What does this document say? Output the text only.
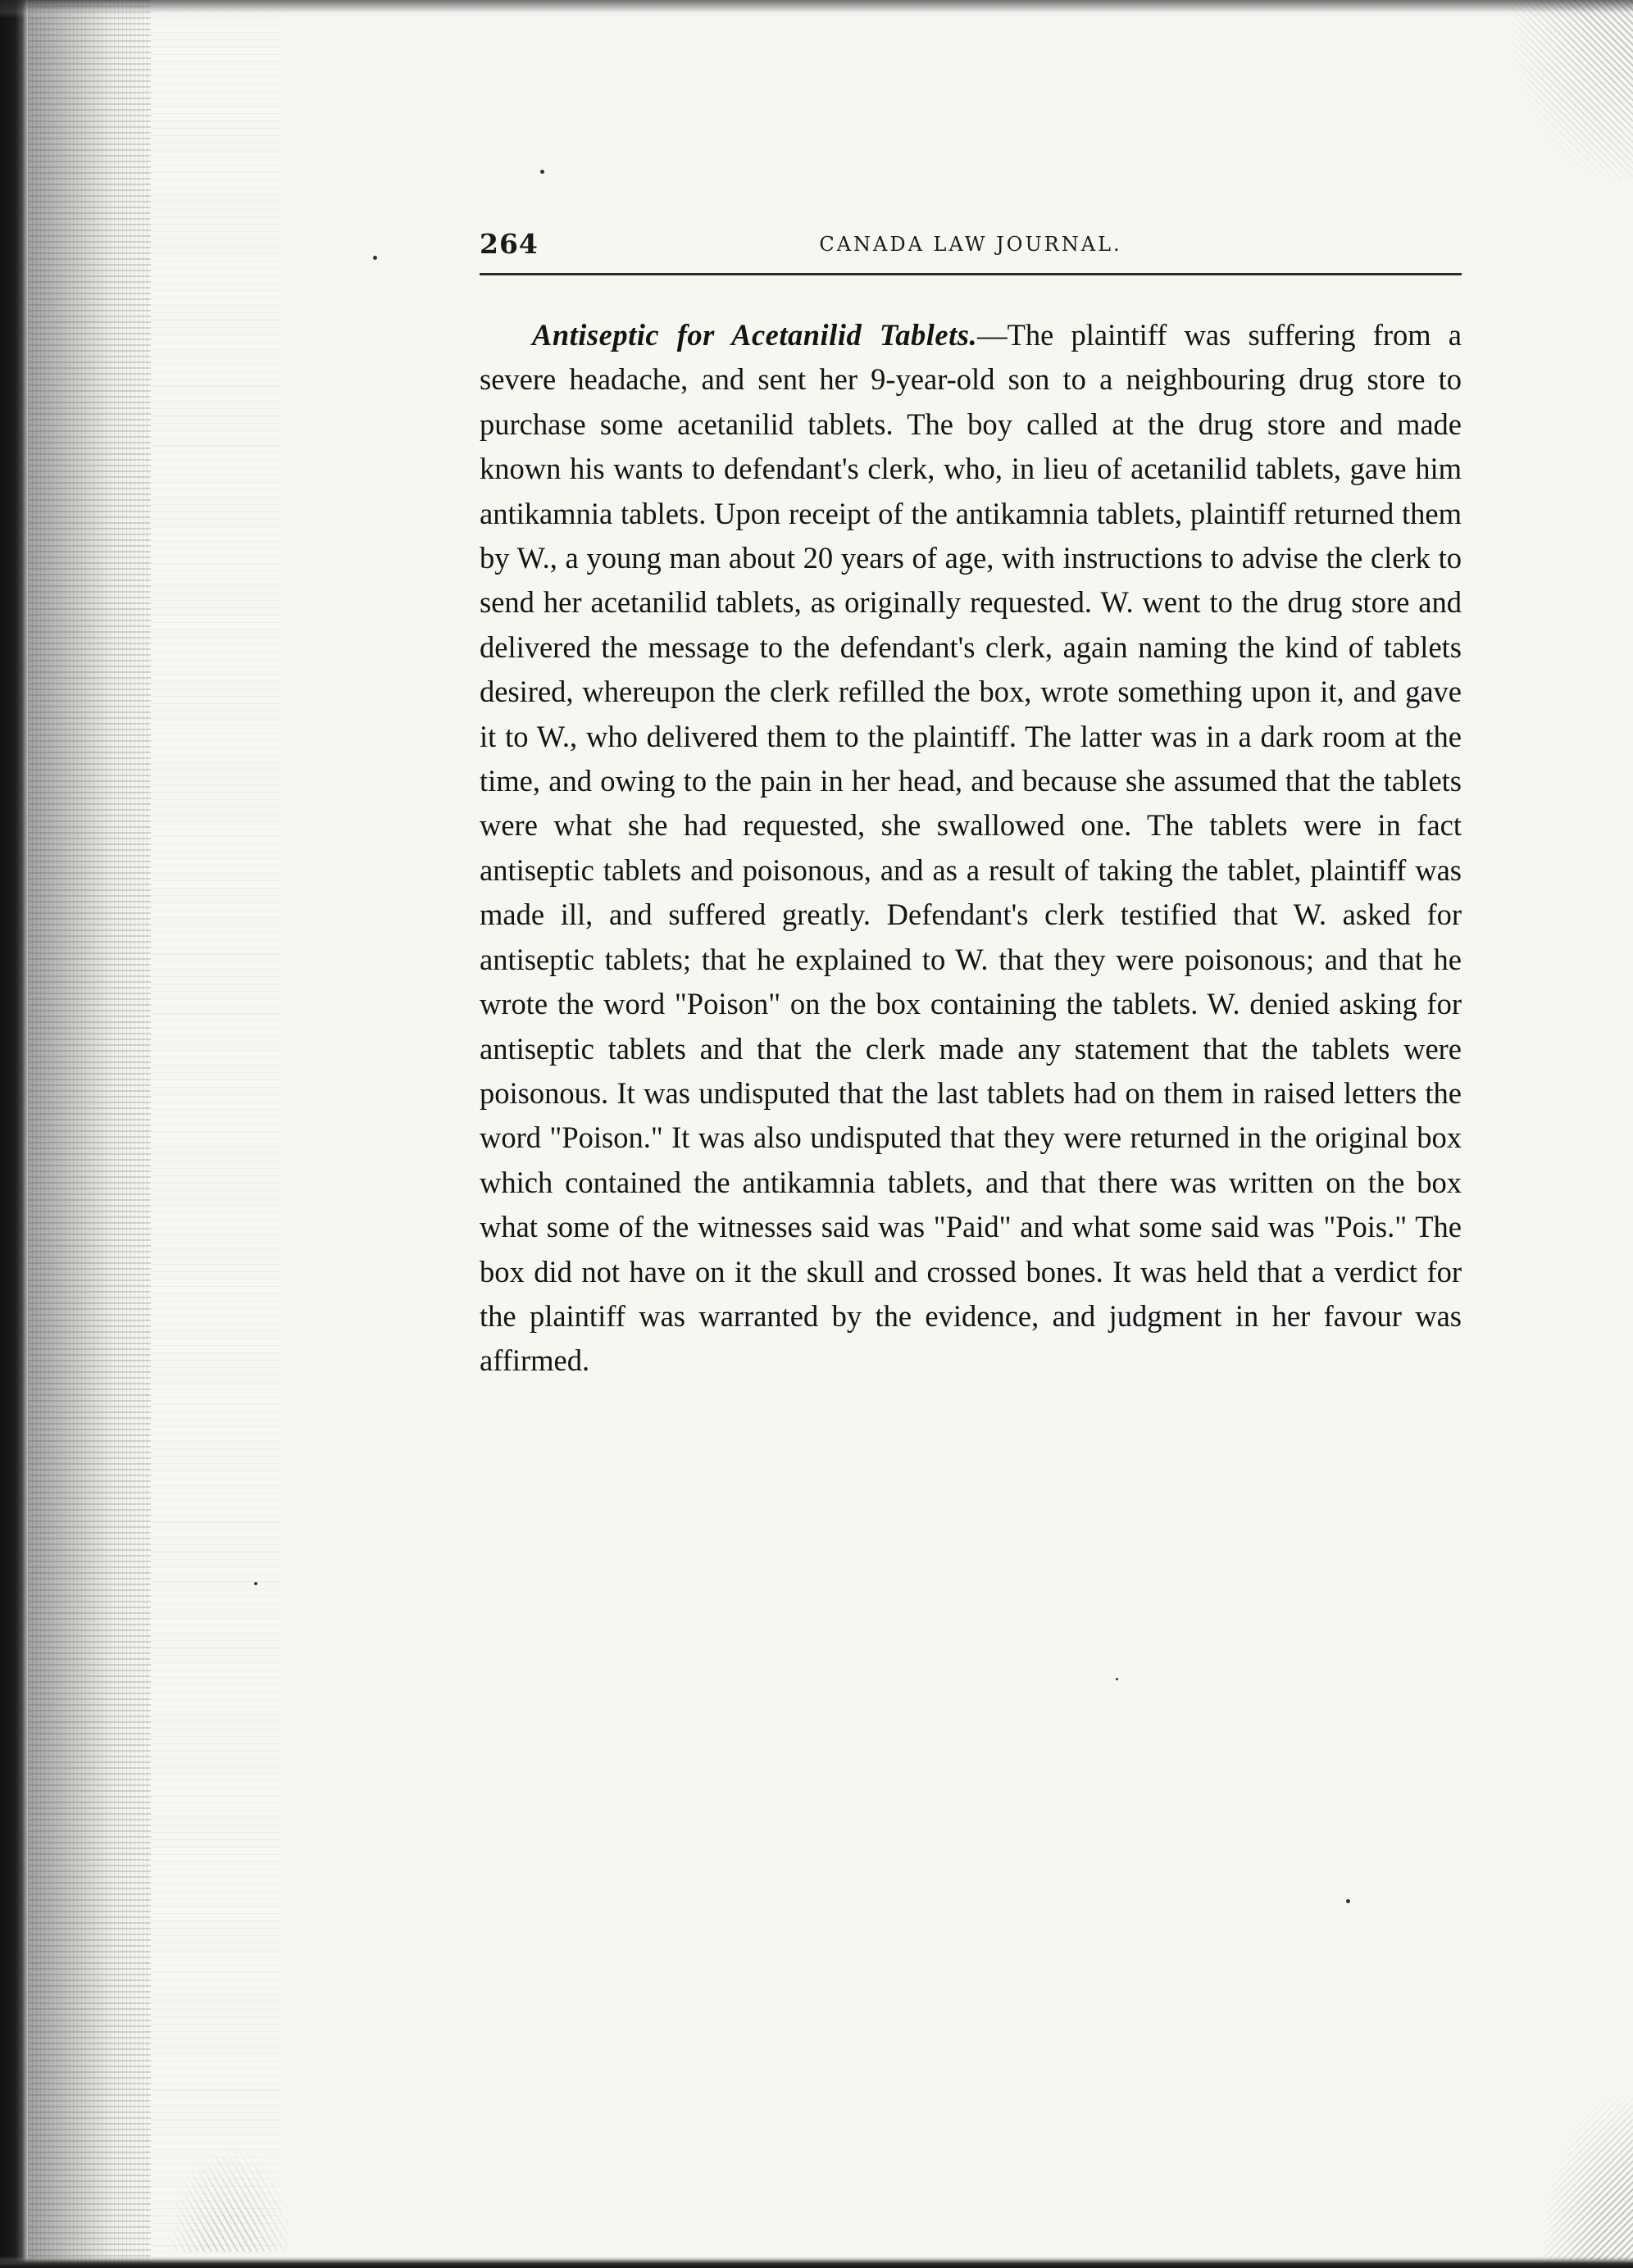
264	CANADA LAW JOURNAL.

Antiseptic for Acetanilid Tablets.—The plaintiff was suffering from a severe headache, and sent her 9-year-old son to a neighbouring drug store to purchase some acetanilid tablets. The boy called at the drug store and made known his wants to defendant's clerk, who, in lieu of acetanilid tablets, gave him antikamnia tablets. Upon receipt of the antikamnia tablets, plaintiff returned them by W., a young man about 20 years of age, with instructions to advise the clerk to send her acetanilid tablets, as originally requested. W. went to the drug store and delivered the message to the defendant's clerk, again naming the kind of tablets desired, whereupon the clerk refilled the box, wrote something upon it, and gave it to W., who delivered them to the plaintiff. The latter was in a dark room at the time, and owing to the pain in her head, and because she assumed that the tablets were what she had requested, she swallowed one. The tablets were in fact antiseptic tablets and poisonous, and as a result of taking the tablet, plaintiff was made ill, and suffered greatly. Defendant's clerk testified that W. asked for antiseptic tablets; that he explained to W. that they were poisonous; and that he wrote the word "Poison" on the box containing the tablets. W. denied asking for antiseptic tablets and that the clerk made any statement that the tablets were poisonous. It was undisputed that the last tablets had on them in raised letters the word "Poison." It was also undisputed that they were returned in the original box which contained the antikamnia tablets, and that there was written on the box what some of the witnesses said was "Paid" and what some said was "Pois." The box did not have on it the skull and crossed bones. It was held that a verdict for the plaintiff was warranted by the evidence, and judgment in her favour was affirmed.
